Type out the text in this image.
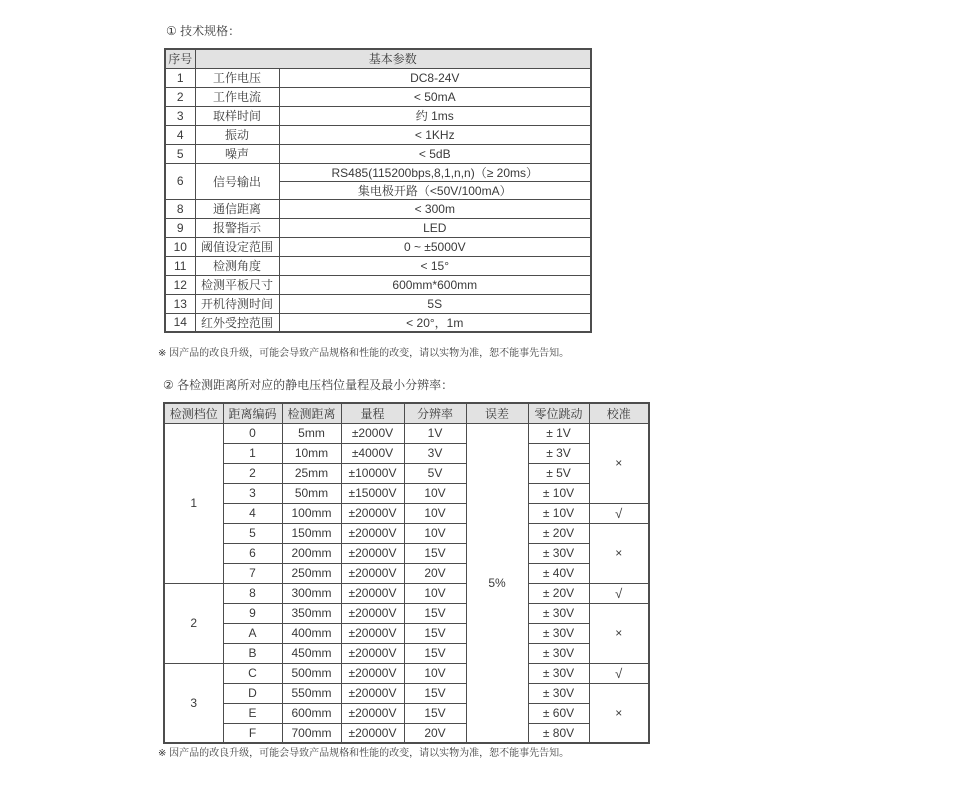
① 技术规格：
序号	基本参数	
1	工作电压	DC8-24V
2	工作电流	< 50mA
3	取样时间	约 1ms
4	振动	< 1KHz
5	噪声	< 5dB
6	信号输出	RS485(115200bps,8,1,n,n)（≥ 20ms）
		集电极开路（<50V/100mA）
8	通信距离	< 300m
9	报警指示	LED
10	阈值设定范围	0 ~ ±5000V
11	检测角度	< 15°
12	检测平板尺寸	600mm*600mm
13	开机待测时间	5S
14	红外受控范围	< 20°，1m
※ 因产品的改良升级，可能会导致产品规格和性能的改变，请以实物为准，恕不能事先告知。
② 各检测距离所对应的静电压档位量程及最小分辨率：
检测档位	距离编码	检测距离	量程	分辨率	误差	零位跳动	校准
1	0	5mm	±2000V	1V	5%	± 1V	×
	1	10mm	±4000V	3V		± 3V	
	2	25mm	±10000V	5V		± 5V	
	3	50mm	±15000V	10V		± 10V	
	4	100mm	±20000V	10V		± 10V	√
	5	150mm	±20000V	10V		± 20V	×
	6	200mm	±20000V	15V		± 30V	
	7	250mm	±20000V	20V		± 40V	
2	8	300mm	±20000V	10V		± 20V	√
	9	350mm	±20000V	15V		± 30V	×
	A	400mm	±20000V	15V		± 30V	
	B	450mm	±20000V	15V		± 30V	
3	C	500mm	±20000V	10V		± 30V	√
	D	550mm	±20000V	15V		± 30V	×
	E	600mm	±20000V	15V		± 60V	
	F	700mm	±20000V	20V		± 80V	
※ 因产品的改良升级，可能会导致产品规格和性能的改变，请以实物为准，恕不能事先告知。
